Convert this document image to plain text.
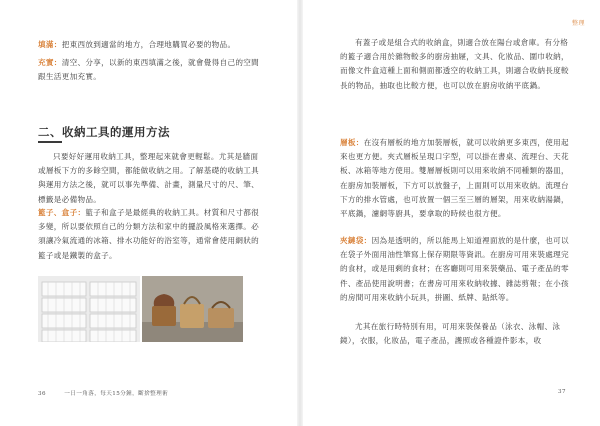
填滿：把東西放到適當的地方，合理地購買必要的物品。
充實：清空、分享，以新的東西填滿之後，就會覺得自己的空間跟生活更加充實。
二、收納工具的運用方法
只要好好運用收納工具，整理起來就會更輕鬆。尤其是牆面或層板下方的多餘空間，都能做收納之用。了解基礎的收納工具與運用方法之後，就可以事先準備、計畫，測量尺寸的尺、筆、標籤是必備物品。
籃子、盒子：籃子和盒子是最經典的收納工具。材質和尺寸都很多變，所以要依照自己的分類方法和家中的擺設風格來選擇。必須讓冷氣流通的冰箱、排水功能好的浴室等，通常會使用網狀的籃子或是鐵製的盒子。
36	一日一角落，每天15分鐘，斷捨整理術
整理
有蓋子或是組合式的收納盒，則適合放在陽台或倉庫。有分格的籃子適合用於雜物較多的廚房抽屜，文具、化妝品、圍巾收納，而像文件盒這種上面和側面都透空的收納工具，則適合收納長度較長的物品，抽取也比較方便，也可以放在廚房收納平底鍋。
層板：在沒有層板的地方加裝層板，就可以收納更多東西，使用起來也更方便。夾式層板呈現口字型，可以掛在書桌、流理台、天花板、冰箱等地方使用。雙層層板則可以用來收納不同種類的器皿，在廚房加裝層板，下方可以放盤子，上面則可以用來收納。流理台下方的排水管處，也可放置一個三至三層的層架，用來收納湯鍋，平底鍋，濾網等廚具，要拿取的時候也很方便。
夾鏈袋：因為是透明的，所以能馬上知道裡面放的是什麼，也可以在袋子外面用油性筆寫上保存期限等資訊。在廚房可用來裝處理完的食材，或是用剩的食材；在客廳則可用來裝藥品、電子產品的零件、產品使用說明書；在書房可用來收納收據、雜誌剪報；在小孩的房間可用來收納小玩具，拼圖、紙牌、貼紙等。
尤其在旅行時特別有用，可用來裝保養品（泳衣、泳帽、泳鏡），衣服，化妝品，電子產品，護照或各種證件影本，收
37
